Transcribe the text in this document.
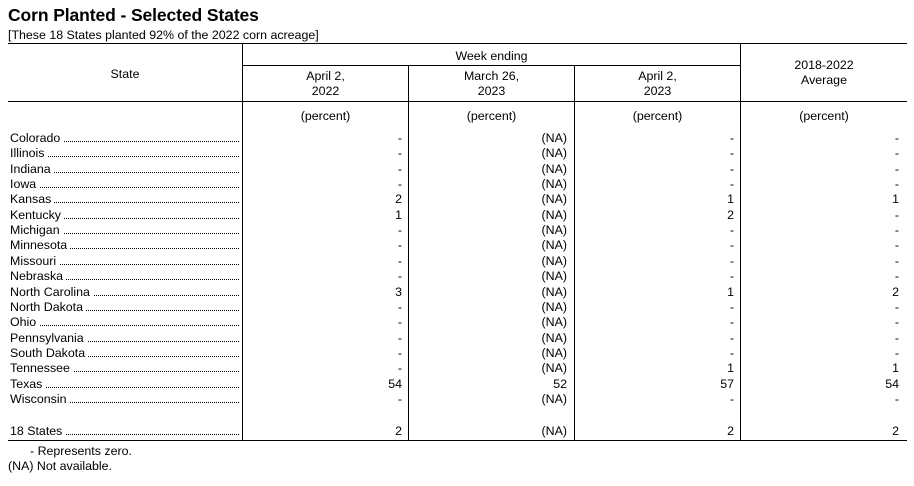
Corn Planted - Selected States
[These 18 States planted 92% of the 2022 corn acreage]
State
Week ending
April 2,
2022
March 26,
2023
April 2,
2023
2018-2022
Average
(percent)	(percent)	(percent)	(percent)
Colorado	-	(NA)	-	-
Illinois	-	(NA)	-	-
Indiana	-	(NA)	-	-
Iowa	-	(NA)	-	-
Kansas	2	(NA)	1	1
Kentucky	1	(NA)	2	-
Michigan	-	(NA)	-	-
Minnesota	-	(NA)	-	-
Missouri	-	(NA)	-	-
Nebraska	-	(NA)	-	-
North Carolina	3	(NA)	1	2
North Dakota	-	(NA)	-	-
Ohio	-	(NA)	-	-
Pennsylvania	-	(NA)	-	-
South Dakota	-	(NA)	-	-
Tennessee	-	(NA)	1	1
Texas	54	52	57	54
Wisconsin	-	(NA)	-	-
18 States	2	(NA)	2	2
- Represents zero.
(NA) Not available.
